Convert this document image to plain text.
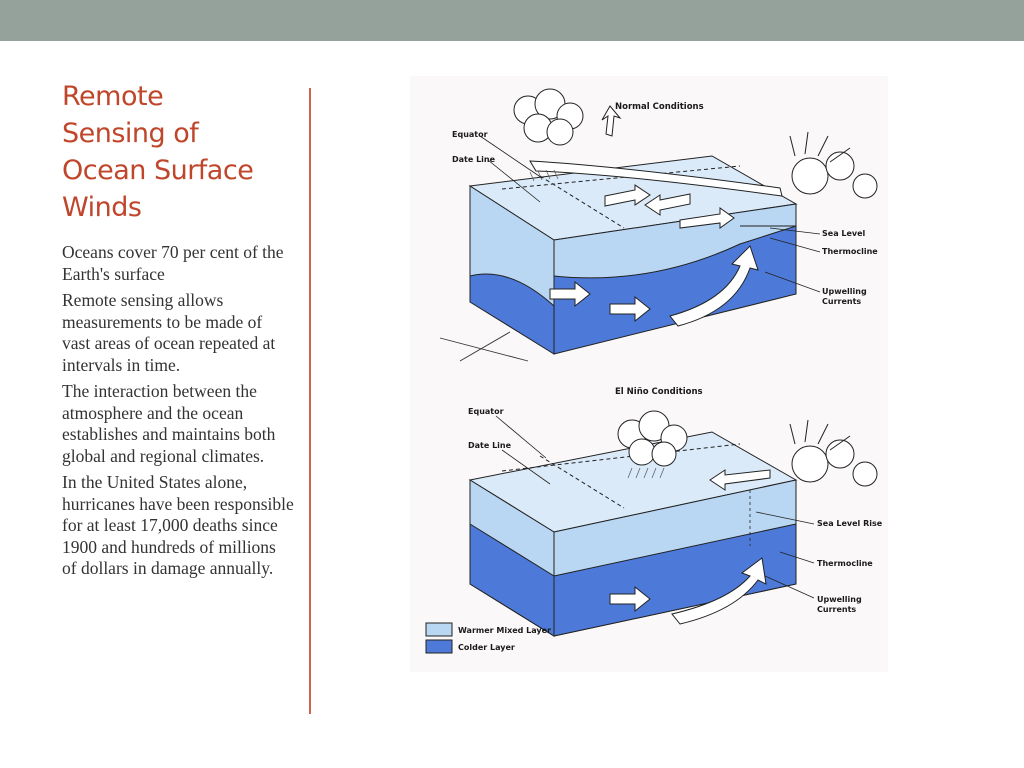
Remote
Sensing of
Ocean Surface
Winds
Oceans cover 70 per cent of the Earth's surface
Remote sensing allows measurements to be made of vast areas of ocean repeated at intervals in time.
The interaction between the atmosphere and the ocean establishes and maintains both global and regional climates.
In the United States alone, hurricanes have been responsible for at least 17,000 deaths since 1900 and hundreds of millions of dollars in damage annually.
Normal Conditions
Equator
Date Line
Sea Level
Thermocline
Upwelling Currents
El Niño Conditions
Equator
Date Line
Sea Level Rise
Thermocline
Upwelling Currents
Warmer Mixed Layer
Colder Layer
